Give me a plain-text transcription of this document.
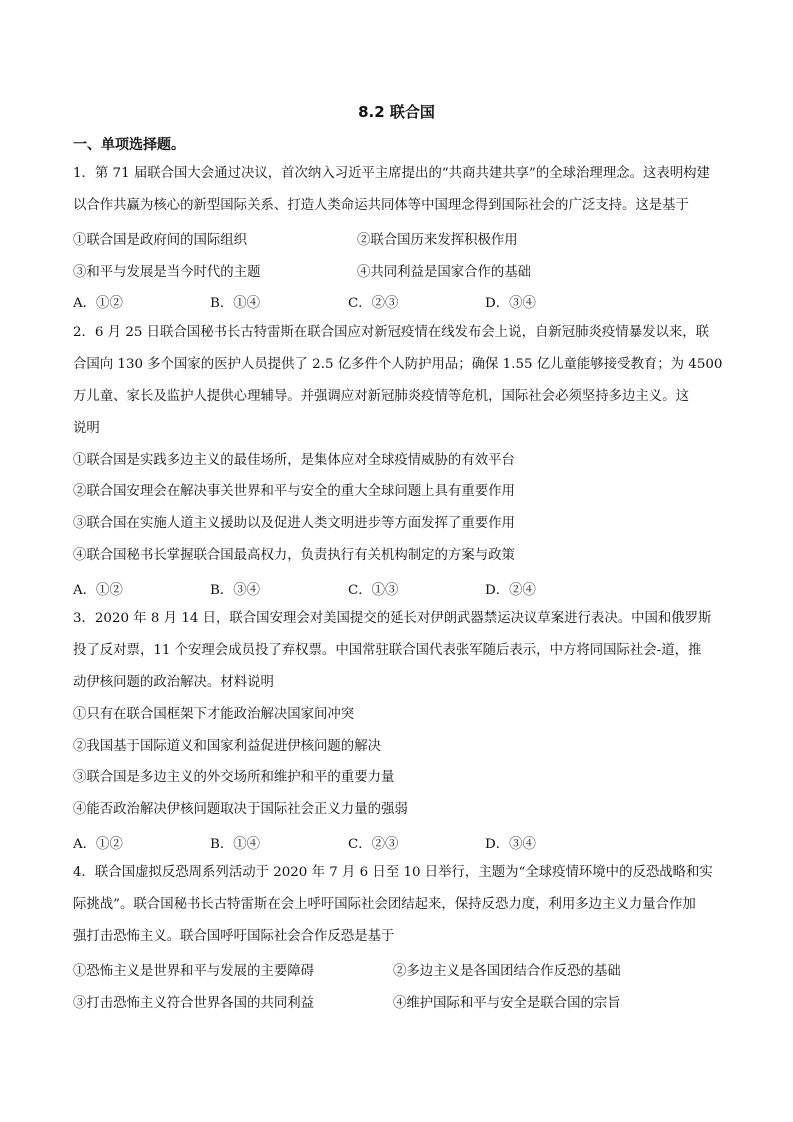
8.2 联合国
一、单项选择题。
1．第 71 届联合国大会通过决议，首次纳入习近平主席提出的“共商共建共享”的全球治理理念。这表明构建
以合作共赢为核心的新型国际关系、打造人类命运共同体等中国理念得到国际社会的广泛支持。这是基于
①联合国是政府间的国际组织	②联合国历来发挥积极作用
③和平与发展是当今时代的主题	④共同利益是国家合作的基础
A．①②	B．①④	C．②③	D．③④
2．6 月 25 日联合国秘书长古特雷斯在联合国应对新冠疫情在线发布会上说，自新冠肺炎疫情暴发以来，联
合国向 130 多个国家的医护人员提供了 2.5 亿多件个人防护用品；确保 1.55 亿儿童能够接受教育；为 4500
万儿童、家长及监护人提供心理辅导。并强调应对新冠肺炎疫情等危机，国际社会必须坚持多边主义。这
说明
①联合国是实践多边主义的最佳场所，是集体应对全球疫情威胁的有效平台
②联合国安理会在解决事关世界和平与安全的重大全球问题上具有重要作用
③联合国在实施人道主义援助以及促进人类文明进步等方面发挥了重要作用
④联合国秘书长掌握联合国最高权力，负责执行有关机构制定的方案与政策
A．①②	B．③④	C．①③	D．②④
3．2020 年 8 月 14 日，联合国安理会对美国提交的延长对伊朗武器禁运决议草案进行表决。中国和俄罗斯
投了反对票，11 个安理会成员投了弃权票。中国常驻联合国代表张军随后表示，中方将同国际社会-道，推
动伊核问题的政治解决。材料说明
①只有在联合国框架下才能政治解决国家间冲突
②我国基于国际道义和国家利益促进伊核问题的解决
③联合国是多边主义的外交场所和维护和平的重要力量
④能否政治解决伊核问题取决于国际社会正义力量的强弱
A．①②	B．①④	C．②③	D．③④
4．联合国虚拟反恐周系列活动于 2020 年 7 月 6 日至 10 日举行，主题为“全球疫情环境中的反恐战略和实
际挑战”。联合国秘书长古特雷斯在会上呼吁国际社会团结起来，保持反恐力度，利用多边主义力量合作加
强打击恐怖主义。联合国呼吁国际社会合作反恐是基于
①恐怖主义是世界和平与发展的主要障碍	②多边主义是各国团结合作反恐的基础
③打击恐怖主义符合世界各国的共同利益	④维护国际和平与安全是联合国的宗旨
